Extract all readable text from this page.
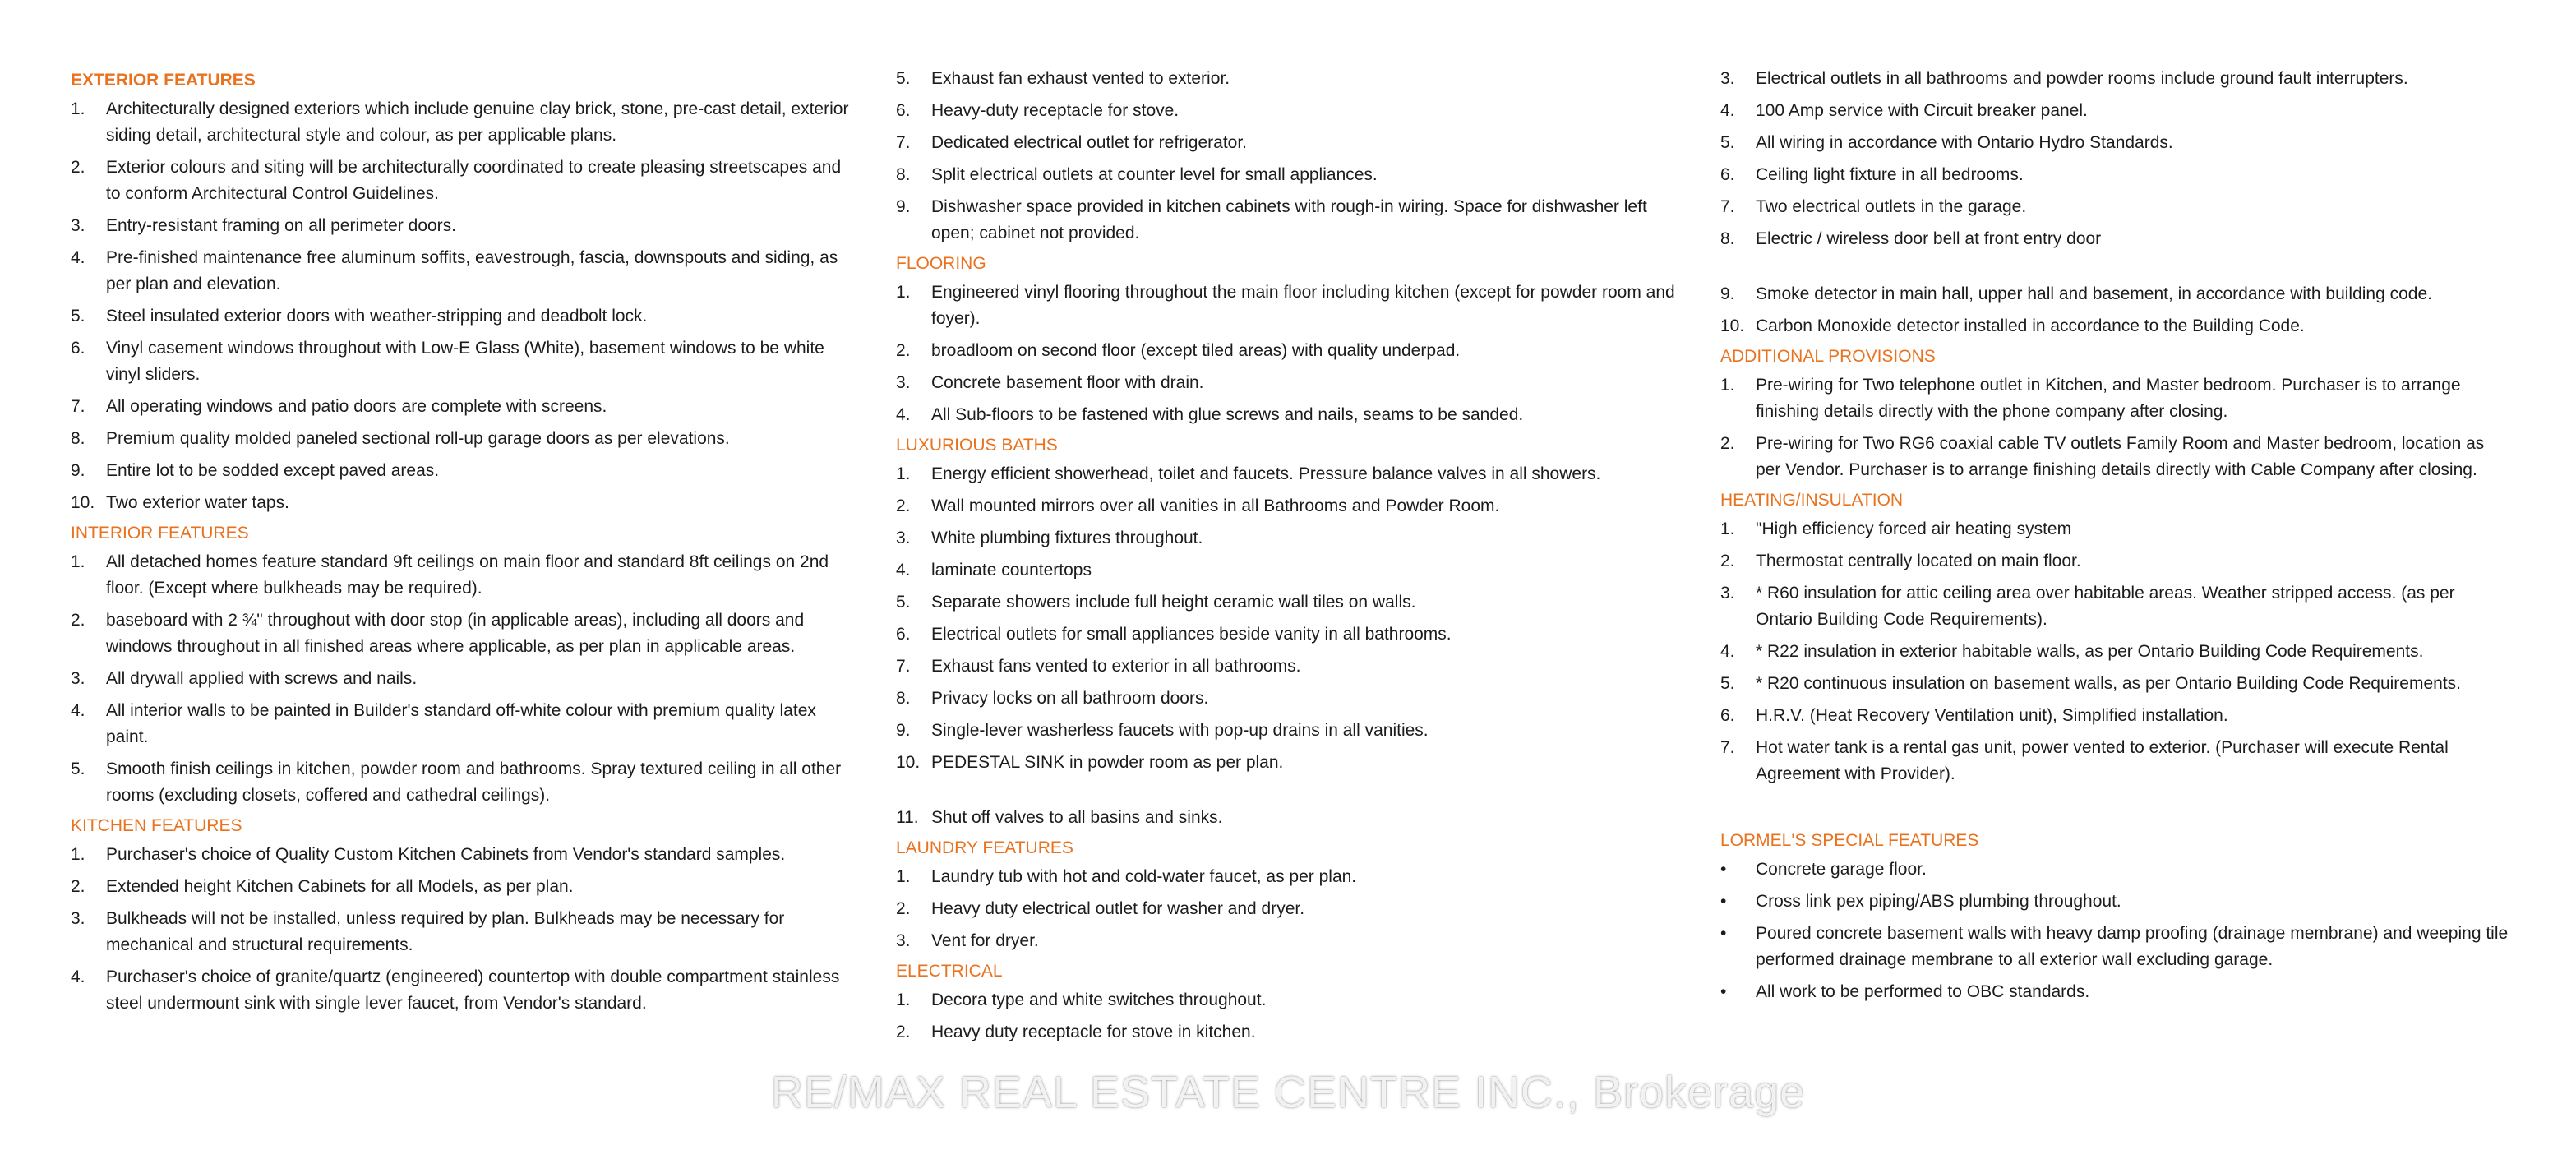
EXTERIOR FEATURES
1.	Architecturally designed exteriors which include genuine clay brick, stone, pre-cast detail, exterior siding detail, architectural style and colour, as per applicable plans.
2.	Exterior colours and siting will be architecturally coordinated to create pleasing streetscapes and to conform Architectural Control Guidelines.
3.	Entry-resistant framing on all perimeter doors.
4.	Pre-finished maintenance free aluminum soffits, eavestrough, fascia, downspouts and siding, as per plan and elevation.
5.	Steel insulated exterior doors with weather-stripping and deadbolt lock.
6.	Vinyl casement windows throughout with Low-E Glass (White), basement windows to be white vinyl sliders.
7.	All operating windows and patio doors are complete with screens.
8.	Premium quality molded paneled sectional roll-up garage doors as per elevations.
9.	Entire lot to be sodded except paved areas.
10. Two exterior water taps.
INTERIOR FEATURES
1.	All detached homes feature standard 9ft ceilings on main floor and standard 8ft ceilings on 2nd floor. (Except where bulkheads may be required).
2.	baseboard with 2 ¾" throughout with door stop (in applicable areas), including all doors and windows throughout in all finished areas where applicable, as per plan in applicable areas.
3.	All drywall applied with screws and nails.
4.	All interior walls to be painted in Builder's standard off-white colour with premium quality latex paint.
5.	Smooth finish ceilings in kitchen, powder room and bathrooms. Spray textured ceiling in all other rooms (excluding closets, coffered and cathedral ceilings).
KITCHEN FEATURES
1.	Purchaser's choice of Quality Custom Kitchen Cabinets from Vendor's standard samples.
2.	Extended height Kitchen Cabinets for all Models, as per plan.
3.	Bulkheads will not be installed, unless required by plan. Bulkheads may be necessary for mechanical and structural requirements.
4.	Purchaser's choice of granite/quartz (engineered) countertop with double compartment stainless steel undermount sink with single lever faucet, from Vendor's standard.
5.	Exhaust fan exhaust vented to exterior.
6.	Heavy-duty receptacle for stove.
7.	Dedicated electrical outlet for refrigerator.
8.	Split electrical outlets at counter level for small appliances.
9.	Dishwasher space provided in kitchen cabinets with rough-in wiring. Space for dishwasher left open; cabinet not provided.
FLOORING
1.	Engineered vinyl flooring throughout the main floor including kitchen (except for powder room and foyer).
2.	broadloom on second floor (except tiled areas) with quality underpad.
3.	Concrete basement floor with drain.
4.	All Sub-floors to be fastened with glue screws and nails, seams to be sanded.
LUXURIOUS BATHS
1.	Energy efficient showerhead, toilet and faucets. Pressure balance valves in all showers.
2.	Wall mounted mirrors over all vanities in all Bathrooms and Powder Room.
3.	White plumbing fixtures throughout.
4.	laminate countertops
5.	Separate showers include full height ceramic wall tiles on walls.
6.	Electrical outlets for small appliances beside vanity in all bathrooms.
7.	Exhaust fans vented to exterior in all bathrooms.
8.	Privacy locks on all bathroom doors.
9.	Single-lever washerless faucets with pop-up drains in all vanities.
10. PEDESTAL SINK in powder room as per plan.
11. Shut off valves to all basins and sinks.
LAUNDRY FEATURES
1.	Laundry tub with hot and cold-water faucet, as per plan.
2.	Heavy duty electrical outlet for washer and dryer.
3.	Vent for dryer.
ELECTRICAL
1.	Decora type and white switches throughout.
2.	Heavy duty receptacle for stove in kitchen.
3.	Electrical outlets in all bathrooms and powder rooms include ground fault interrupters.
4.	100 Amp service with Circuit breaker panel.
5.	All wiring in accordance with Ontario Hydro Standards.
6.	Ceiling light fixture in all bedrooms.
7.	Two electrical outlets in the garage.
8.	Electric / wireless door bell at front entry door
9.	Smoke detector in main hall, upper hall and basement, in accordance with building code.
10. Carbon Monoxide detector installed in accordance to the Building Code.
ADDITIONAL PROVISIONS
1.	Pre-wiring for Two telephone outlet in Kitchen, and Master bedroom. Purchaser is to arrange finishing details directly with the phone company after closing.
2.	Pre-wiring for Two RG6 coaxial cable TV outlets Family Room and Master bedroom, location as per Vendor. Purchaser is to arrange finishing details directly with Cable Company after closing.
HEATING/INSULATION
1.	"High efficiency forced air heating system
2.	Thermostat centrally located on main floor.
3.	* R60 insulation for attic ceiling area over habitable areas. Weather stripped access. (as per Ontario Building Code Requirements).
4.	* R22 insulation in exterior habitable walls, as per Ontario Building Code Requirements.
5.	* R20 continuous insulation on basement walls, as per Ontario Building Code Requirements.
6.	H.R.V. (Heat Recovery Ventilation unit), Simplified installation.
7.	Hot water tank is a rental gas unit, power vented to exterior. (Purchaser will execute Rental Agreement with Provider).
LORMEL'S SPECIAL FEATURES
•	Concrete garage floor.
•	Cross link pex piping/ABS plumbing throughout.
•	Poured concrete basement walls with heavy damp proofing (drainage membrane) and weeping tile performed drainage membrane to all exterior wall excluding garage.
•	All work to be performed to OBC standards.
RE/MAX REAL ESTATE CENTRE INC., Brokerage
